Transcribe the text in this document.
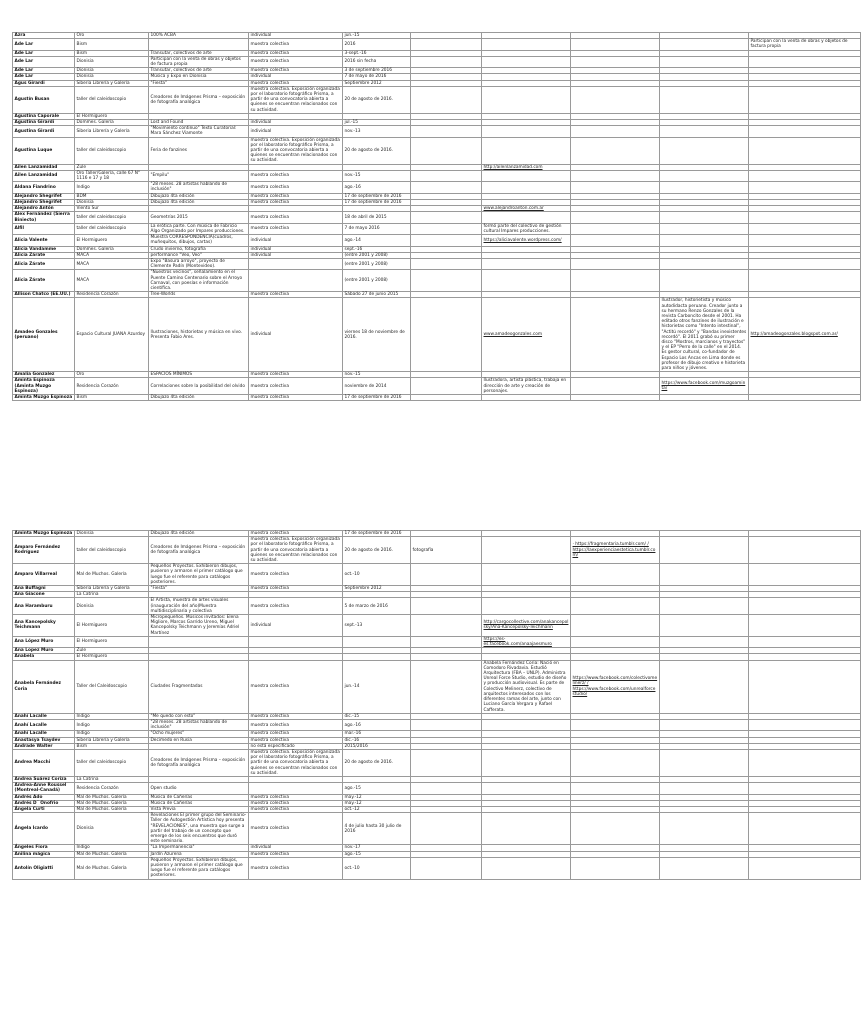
Azra	Oro	100% ACBA	individual	jun.-15					
Ade Lar	Bism		muestra colectiva	2016					Participan con la venta de obras y objetos de factura propia
Ade Lar	Bism	Transutar, colectivos de arte	muestra colectiva	3-sept.-16					
Ade Lar	Dionisia	Participan con la venta de obras y objetos de factura propia	muestra colectiva	2016 sin fecha					
Ade Lar	Dionisia	Transutar, colectivos de arte	muestra colectiva	3 de septiembre 2016					
Ade Lar	Dionisia	Música y Expo en Dionisia	individual	7 de mayo de 2016					
Agus Girardi	Siberia Librería y Galería	"Fiesta"	muestra colectiva	Septiembre 2012					
Agustín Busan	taller del caleidoscopio	Creadores de Imágenes Prisma – exposición de fotografía analógica	muestra colectiva. Exposición organizada por el laboratorio fotográfico Prisma, a partir de una convocatoria abierta a quienes se encuentran relacionados con su actividad.	20 de agosto de 2016.					
Agustina Caporale	El Hormiguero								
Agustina Girardi	Dommes. Galería	Lost and Found	individual	jul.-15					
Agustina Girardi	Siberia Librería y Galería	"Movimiento continuo" Texto Curatorial: Mara Sánchez Viamonte	individual	nov.-13					
Agustina Luque	taller del caleidoscopio	Feria de fanzines	muestra colectiva. Exposición organizada por el laboratorio fotográfico Prisma, a partir de una convocatoria abierta a quienes se encuentran relacionados con su actividad.	20 de agosto de 2016.					
Ailen Lanzamidad	Zule					http://ailenlanzamidad.com			
Ailen Lanzamidad	Oro Taller/Galería, calle 67 N° 1116 e 17 y 18	"Empilu"	muestra colectiva	nov.-15					
Aldana Fiandrino	Indigo	"28 meses. 28 artistas hablando de inclusión"	muestra colectiva	ago.-16					
Alejandro Shegrifet	BDM	Dibujazo 4ta edición	muestra colectiva	17 de septiembre de 2016					
Alejandro Shegrifet	Dionisia	Dibujazo 4ta edición	muestra colectiva	17 de septiembre de 2016					
Alejandro Antón	Viento Sur					www.alejandroanton.com.ar			
Alex Fernández (Sierra Biniecto)	taller del caleidoscopio	Geometrías 2015	muestra colectiva	18 de abril de 2015					
Alfil	taller del caleidoscopio	La erótica parte. Con música de Fabricio Algo Organizado por Impares producciones.	muestra colectiva	7 de mayo 2016		formó parte del colectivo de gestión cultural Impares producciones.			
Alicia Valente	El Hormiguero	Muestra CORRESPONDENCIA(cuadros, muñequitos, dibujos, cartas)	individual	ago.-14		https://aliciavalente.wordpress.com/			
Alicia Vandamme	Dommes. Galería	Crudo invierno, fotografía	individual	sept.-16					
Alicia Zárate	MACA	performance "Veo, Veo"	individual	(entre 2001 y 2008)					
Alicia Zárate	MACA	Expo "Basura arroyo", proyecto de Clemente Padín (Montevideo).		(entre 2001 y 2008)					
Alicia Zárate	MACA	"Nuestros vecinos", señalamiento en el Puente Camino Centenario sobre el Arroyo Carnaval, con poesías e información científica.		(entre 2001 y 2008)					
Allison Chatco (EE.UU.)	Residencia Corazón	Tree-Worlds	muestra colectiva	Sábado 27 de junio 2015					
Amadeo Gonzales (peruano)	Espacio Cultural JUANA Azurdoy	Ilustraciones, historietas y música en vivo. Presenta Fabio Ares.	individual	viernes 18 de noviembre de 2016.		www.amadeogonzales.com		Ilustrador, historietista y músico autodidacta peruano. Creador junto a su hermano Renzo Gonzales de la revista Carboncito desde el 2001. Ha editado otros fanzines de ilustración e historietas como "Intento intestinal", "Actitú recordó" y "Bandas inexistentes recordó". El 2011 grabó su primer disco "Mostros, marcianos y trayectos" y el EP "Perro de la calle" en el 2014. Es gestor cultural, co-fundador de Espacio Los Ancas en Lima donde es profesor de dibujo creativo e historieta para niños y jóvenes.	http://amadeogonzales.blogspot.com.ar/
Amalia Gonzalez	Oro	ESPACIOS MÍNIMOS	muestra colectiva	nov.-15					
Aminta Espinoza (Aminta Muzgo Espinoza)	Residencia Corazón	Correlaciones sobre la posibilidad del olvido	muestra colectiva	noviembre de 2014		Ilustradora, artista plástica, trabaja en dirección de arte y creación de personajes.		https://www.facebook.com/muzgoaminta/	
Aminta Muzgo Espinoza	Bism	Dibujazo 4ta edición	muestra colectiva	17 de septiembre de 2016					
Aminta Muzgo Espinoza	Dionisia	Dibujazo 4ta edición	muestra colectiva	17 de septiembre de 2016					
Amparo Fernández Rodríguez	taller del caleidoscopio	Creadores de Imágenes Prisma – exposición de fotografía analógica	muestra colectiva. Exposición organizada por el laboratorio fotográfico Prisma, a partir de una convocatoria abierta a quienes se encuentran relacionados con su actividad.	20 de agosto de 2016.	fotografía		· https://fragmentaria.tumblr.com/ / https://laexperienciaestetica.tumblr.com/		
Amparo Villarreal	Mal de Muchos. Galería	Pequeños Proyectos. Exhibieron dibujos, pusieron y armaron el primer catálogo que luego fue el referente para catálogos posteriores.	muestra colectiva	oct.-10					
Ana Buffagni	Siberia Librería y Galería	"Fiesta"	muestra colectiva	Septiembre 2012					
Ana Giacone	La Catrina								
Ana Haramburu	Dionisia	El Artista, muestra de artes visuales (inauguración del año)Muestra multidisciplinaria y colectiva	muestra colectiva	5 de marzo de 2016					
Ana Kancepolsky Teichmann	El Hormiguero	Micropequeños. Músicos invitados: Elena Migliore, Marcos Garrido Ureno, Miguel Kancepolsky Teichmann y Jeremías Adriel Martínez	individual	sept.-13		http://cargocollective.com/anakancepolsky/Ana-Kancepolsky-Teichmann			
Ana López Muro	El Hormiguero					https://es-es.facebook.com/anaajaesmuro			
Ana Lopez Muro	Zule								
Anabela	El Hormiguero								
Anabela Fernández Coria	Taller del Caleidoscopio	Ciudades Fragmentadas	muestra colectiva	jun.-14		Anabela Fernández Coria: Nació en Comodoro Rivadavia. Estudió Arquitectura (FBA – UNLP). Administra Unreal Force Studio, estudio de diseño y producción audiovisual. Es parte de Colectivo Melinerz, colectivo de arquitectos interesados con los diferentes ramas del arte, junto con Luciano García Vergara y Rafael Cafferata.	https://www.facebook.com/colectivomelinerz/ / https://www.facebook.com/unrealforcestudio/		
Anahí Lacalle	Indigo	"Me quedo con esto"	muestra colectiva	dic.-15					
Anahí Lacalle	Indigo	"28 meses. 28 artistas hablando de inclusión"	muestra colectiva	ago.-16					
Anahí Lacalle	Indigo	"Ocho mujeres"	muestra colectiva	mar.-16					
Anastasya Tsaydev	Siberia Librería y Galería	Decimedo en Rusia	muestra colectiva	dic.-16					
Andrade Walter	Bism		no está especificado	2015/2016					
Andrea Macchi	taller del caleidoscopio	Creadores de Imágenes Prisma – exposición de fotografía analógica	muestra colectiva. Exposición organizada por el laboratorio fotográfico Prisma, a partir de una convocatoria abierta a quienes se encuentran relacionados con su actividad.	20 de agosto de 2016.					
Andrea Suárez Coriza	La Catrina								
Andrea-Anne Roussel (Montreal-Canadá)	Residencia Corazón	Open studio		ago.-15					
Andrés Ado	Mal de Muchos. Galería	Música de Cañerías	muestra colectiva	may.-12					
Andrés D´ Onofrio	Mal de Muchos. Galería	Música de Cañerías	muestra colectiva	may.-12					
Ángela Curti	Mal de Muchos. Galería	Vista Previa	muestra colectiva	oct.-12					
Ángela Icardo	Dionisia	Revelaciones El primer grupo del Seminario-Taller de Autogestión Artística hoy presenta "REVELACIONES", una muestra que surge a partir del trabajo de un concepto que emerge de los seis encuentros que duró este seminario.	muestra colectiva	4 de julio hasta 30 julio de 2016					
Ángeles Fiora	Indigo	"La Impermanencia"	individual	nov.-17					
Anilina mágica	Mal de Muchos. Galería	Jardín Azurena	muestra colectiva	ago.-15					
Antolín Oligiatti	Mal de Muchos. Galería	Pequeños Proyectos. Exhibieron dibujos, pusieron y armaron el primer catálogo que luego fue el referente para catálogos posteriores.	muestra colectiva	oct.-10					
